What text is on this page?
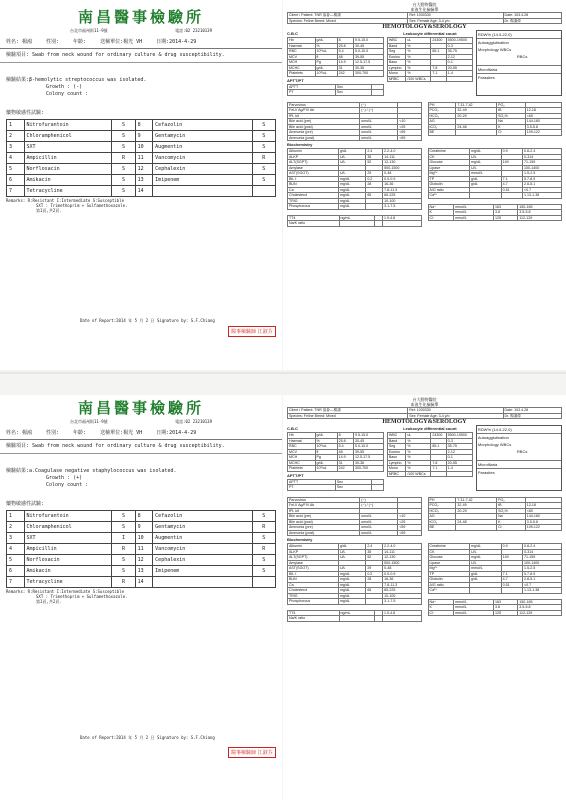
南昌醫事檢驗所
台北市福州街11-9號	電話:02 23210139
姓名: 楊鴻	性別:	年齡:	送檢單位:楊光 VH	日期:2014-4-29
檢驗項目: Swab from neck wound for ordinary culture & drug susceptibility.
檢驗結果:β-hemolytic streptococcus was isolated.
Growth : (-)
Colony count :
藥物敏感性試驗:
1	Nitrofurantoin	S	8	Cefazolin	S
2	Chloramphenicol	S	9	Gentamycin	S
3	SXT	S	10	Augmentin	S
4	Ampicillin	R	11	Vancomycin	R
5	Norfloxacin	S	12	Cephalexin	S
6	Amikacin	S	13	Imipenem	S
7	Tetracycline	S	14		
Remarks: R:Resistant I:Intermediate S:Susceptible
SXT : Trimethoprim + Sulfamethoxazole.
第1頁,共2頁.
Date of Report:2014 年 5 月 2 日 Signature by: S.F.Chiang
醫事檢驗師 江淑芬
台大動物醫院
血液生化檢驗單
Client / Patient: TNR 協會—楊鴻	Ref: 1030330	Date: 103.4.28
Species: Feline Breed: Mixed	Sex: Female Age: 3-4 y/o	Dr. 楊鴻偉
HEMOTOLOGY&SEROLOGY
C.B.C
Hb	g/dL	8	9.5-15.0
Haemat	%	25.8	30-45
RBC	10⁶/uL	5.4	5.0-10.0
MCV	fl	48	39-55
MCH	Pg	14.9	12.5-17.5
MCHC	g/dL	31	30-36
Platelets	10³/uL	242	300-700
APTT/PT
APTT	Sec	
PT	Sec	
Leukocyte differential count
WBC	uL	24300	5500-19500
Band	%		0-3
Seg	%	85.1	35-75
Eosino	%		2-12
Baso	%		0-1
Lympho	%	7.8	20-55
Mono	%	7.1	1-4
NRBC	/100 WBCs		
RDW% (14.0-22.0)
Autoagglutination
Morphology WBCs
RBCs
Microfilaria
Parasites
Parvovirus	(−)	
FeLV Ag/FIV Ab	(−) / (−)	
fPL kit		
Bile acid (pre)	umol/L	<10
Bile acid (post)	umol/L	<25
Ammonia (pre)	umol/L	<59
Ammonia (post)	umol/L	<59
PH	7.31-7.42	PO₂	
PCO₂	32-49	tB	12-18
HCO₃	20-29	SO₂%	<60
AG		Na	144-160
tCO₂	24-48	K	3.5-5.8
BE		Cl	109-122
Biochemistry
Albumin	g/dL	2.4	2.2-4.0
ALKP	U/L	35	14-111
ALT(SGPT)	U/L	52	12-130
Amylase			500-1500
AST(SGOT)	U/L	29	0-48
BIL t	mg/dL	0.2	0.0-0.9
BUN	mg/dL	28	16-36
Ca	mg/dL		7.8-11.3
Cholesterol	mg/dL	65	65-225
TRIG	mg/dL		10-100
Phosphorous	mg/dL		3.1-7.5
TT4	ng/mL		1.9-4.8
Na/K ratio			
Creatinine	mg/dL	0.9	0.8-2.4
CK	U/L		0-314
Glucose	mg/dL	149	71-159
Lipase	U/L		100-1400
Mg²⁺	mmol/L		1.5-2.5
TP	g/dL	7.1	5.7-8.9
Globulin	g/dL	4.7	2.8-5.1
A/G ratio		0.51	<0.7
Ca²⁺			1.13-1.38
Na⁺	mmol/L	163	150-165
K	mmol/L	3.8	3.5-5.8
Cl⁻	mmol/L	125	112-129
南昌醫事檢驗所
台北市福州街11-9號	電話:02 23210139
姓名: 楊鴻	性別:	年齡:	送檢單位:楊光 VH	日期:2014-4-29
檢驗項目: Swab from neck wound for ordinary culture & drug susceptibility.
檢驗結果:a.Coagulase negative staphylococcus was isolated.
Growth : (+)
Colony count :
藥物敏感性試驗:
1	Nitrofurantoin	S	8	Cefazolin	S
2	Chloramphenicol	S	9	Gentamycin	R
3	SXT	I	10	Augmentin	S
4	Ampicillin	R	11	Vancomycin	R
5	Norfloxacin	S	12	Cephalexin	S
6	Amikacin	S	13	Imipenem	S
7	Tetracycline	R	14		
Remarks: R:Resistant I:Intermediate S:Susceptible
SXT : Trimethoprim + Sulfamethoxazole.
第1頁,共2頁.
Date of Report:2014 年 5 月 2 日 Signature by: S.F.Chiang
醫事檢驗師 江淑芬
台大動物醫院
血液生化檢驗單
Client / Patient: TNR 協會—楊鴻	Ref: 1030330	Date: 103.4.28
Species: Feline Breed: Mixed	Sex: Female Age: 3-4 y/o	Dr. 楊鴻偉
HEMOTOLOGY&SEROLOGY
C.B.C
Hb	g/dL	8	9.5-15.0
Haemat	%	25.8	30-45
RBC	10⁶/uL	5.4	5.0-10.0
MCV	fl	48	39-55
MCH	Pg	14.9	12.5-17.5
MCHC	g/dL	31	30-36
Platelets	10³/uL	242	300-700
APTT/PT
APTT	Sec	
PT	Sec	
Leukocyte differential count
WBC	uL	24300	5500-19500
Band	%		0-3
Seg	%	85.1	35-75
Eosino	%		2-12
Baso	%		0-1
Lympho	%	7.8	20-55
Mono	%	7.1	1-4
NRBC	/100 WBCs		
RDW% (14.0-22.0)
Autoagglutination
Morphology WBCs
RBCs
Microfilaria
Parasites
Parvovirus	(−)	
FeLV Ag/FIV Ab	(−) / (−)	
fPL kit		
Bile acid (pre)	umol/L	<10
Bile acid (post)	umol/L	<25
Ammonia (pre)	umol/L	<59
Ammonia (post)	umol/L	<59
PH	7.31-7.42	PO₂	
PCO₂	32-49	tB	12-18
HCO₃	20-29	SO₂%	<60
AG		Na	144-160
tCO₂	24-48	K	3.5-5.8
BE		Cl	109-122
Biochemistry
Albumin	g/dL	2.4	2.2-4.0
ALKP	U/L	35	14-111
ALT(SGPT)	U/L	52	12-130
Amylase			500-1500
AST(SGOT)	U/L	29	0-48
BIL t	mg/dL	0.2	0.0-0.9
BUN	mg/dL	28	16-36
Ca	mg/dL		7.8-11.3
Cholesterol	mg/dL	65	65-225
TRIG	mg/dL		10-100
Phosphorous	mg/dL		3.1-7.5
TT4	ng/mL		1.9-4.8
Na/K ratio			
Creatinine	mg/dL	0.9	0.8-2.4
CK	U/L		0-314
Glucose	mg/dL	149	71-159
Lipase	U/L		100-1400
Mg²⁺	mmol/L		1.5-2.5
TP	g/dL	7.1	5.7-8.9
Globulin	g/dL	4.7	2.8-5.1
A/G ratio		0.51	<0.7
Ca²⁺			1.13-1.38
Na⁺	mmol/L	163	150-165
K	mmol/L	3.8	3.5-5.8
Cl⁻	mmol/L	125	112-129
